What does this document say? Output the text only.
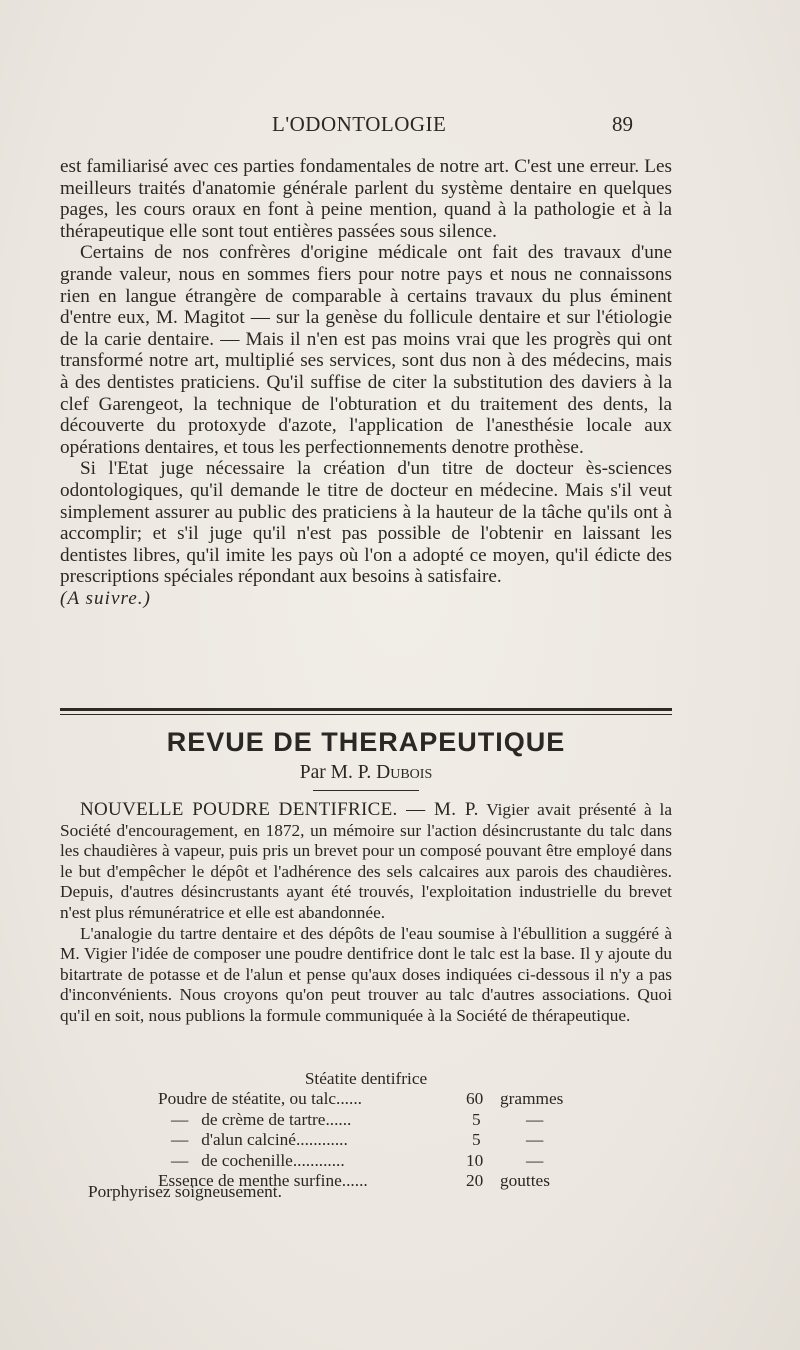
L'ODONTOLOGIE	89

est familiarisé avec ces parties fondamentales de notre art. C'est une erreur. Les meilleurs traités d'anatomie générale parlent du système dentaire en quelques pages, les cours oraux en font à peine mention, quand à la pathologie et à la thérapeutique elle sont tout entières passées sous silence.

Certains de nos confrères d'origine médicale ont fait des travaux d'une grande valeur, nous en sommes fiers pour notre pays et nous ne connaissons rien en langue étrangère de comparable à certains travaux du plus éminent d'entre eux, M. Magitot — sur la genèse du follicule dentaire et sur l'étiologie de la carie dentaire. — Mais il n'en est pas moins vrai que les progrès qui ont transformé notre art, multiplié ses services, sont dus non à des médecins, mais à des dentistes praticiens. Qu'il suffise de citer la substitution des daviers à la clef Garengeot, la technique de l'obturation et du traitement des dents, la découverte du protoxyde d'azote, l'application de l'anesthésie locale aux opérations dentaires, et tous les perfectionnements denotre prothèse.

Si l'Etat juge nécessaire la création d'un titre de docteur ès-sciences odontologiques, qu'il demande le titre de docteur en médecine. Mais s'il veut simplement assurer au public des praticiens à la hauteur de la tâche qu'ils ont à accomplir; et s'il juge qu'il n'est pas possible de l'obtenir en laissant les dentistes libres, qu'il imite les pays où l'on a adopté ce moyen, qu'il édicte des prescriptions spéciales répondant aux besoins à satisfaire.

(A suivre.)

REVUE DE THERAPEUTIQUE
Par M. P. Dubois

NOUVELLE POUDRE DENTIFRICE. — M. P. Vigier avait présenté à la Société d'encouragement, en 1872, un mémoire sur l'action désincrustante du talc dans les chaudières à vapeur, puis pris un brevet pour un composé pouvant être employé dans le but d'empêcher le dépôt et l'adhérence des sels calcaires aux parois des chaudières. Depuis, d'autres désincrustants ayant été trouvés, l'exploitation industrielle du brevet n'est plus rémunératrice et elle est abandonnée.

L'analogie du tartre dentaire et des dépôts de l'eau soumise à l'ébullition a suggéré à M. Vigier l'idée de composer une poudre dentifrice dont le talc est la base. Il y ajoute du bitartrate de potasse et de l'alun et pense qu'aux doses indiquées ci-dessous il n'y a pas d'inconvénients. Nous croyons qu'on peut trouver au talc d'autres associations. Quoi qu'il en soit, nous publions la formule communiquée à la Société de thérapeutique.

Stéatite dentifrice
Poudre de stéatite, ou talc......	60 grammes
—   de crème de tartre......	5	—
—   d'alun calciné............	5	—
—   de cochenille............	10 —
Essence de menthe surfine......	20 gouttes
Porphyrisez soigneusement.
